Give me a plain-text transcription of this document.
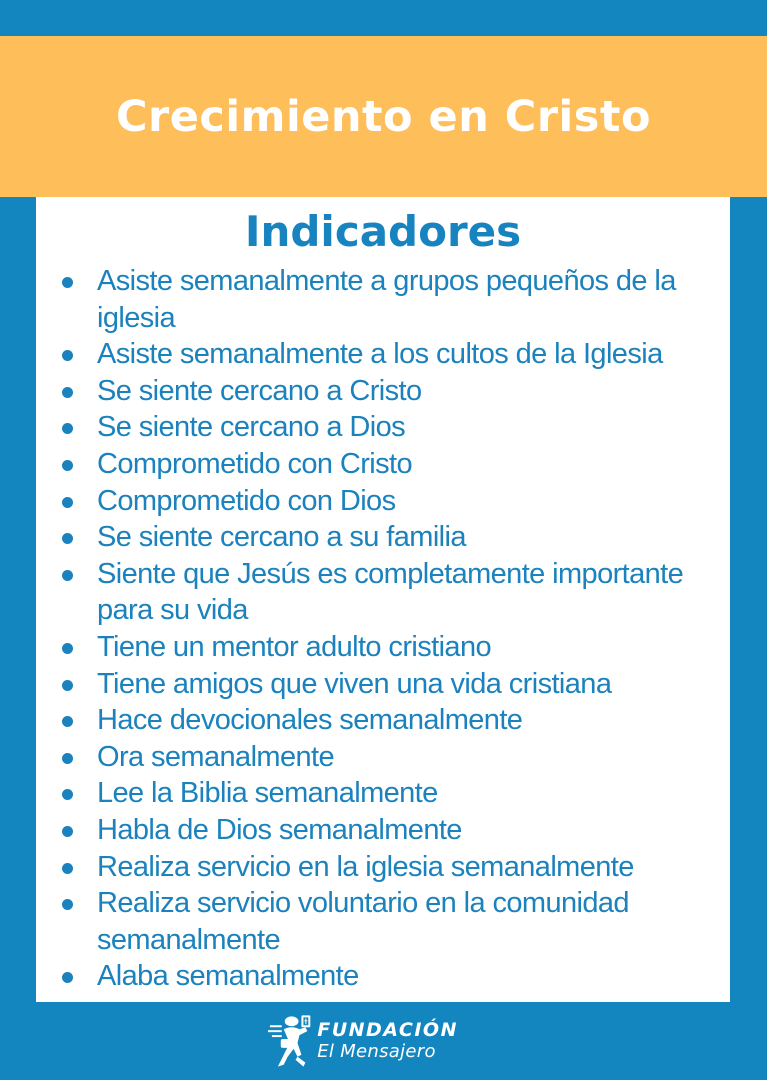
Crecimiento en Cristo
Indicadores
Asiste semanalmente a grupos pequeños de la iglesia
Asiste semanalmente a los cultos de la Iglesia
Se siente cercano a Cristo
Se siente cercano a Dios
Comprometido con Cristo
Comprometido con Dios
Se siente cercano a su familia
Siente que Jesús es completamente importante para su vida
Tiene un mentor adulto cristiano
Tiene amigos que viven una vida cristiana
Hace devocionales semanalmente
Ora semanalmente
Lee la Biblia semanalmente
Habla de Dios semanalmente
Realiza servicio en la iglesia semanalmente
Realiza servicio voluntario en la comunidad semanalmente
Alaba semanalmente
FUNDACIÓN
El Mensajero
